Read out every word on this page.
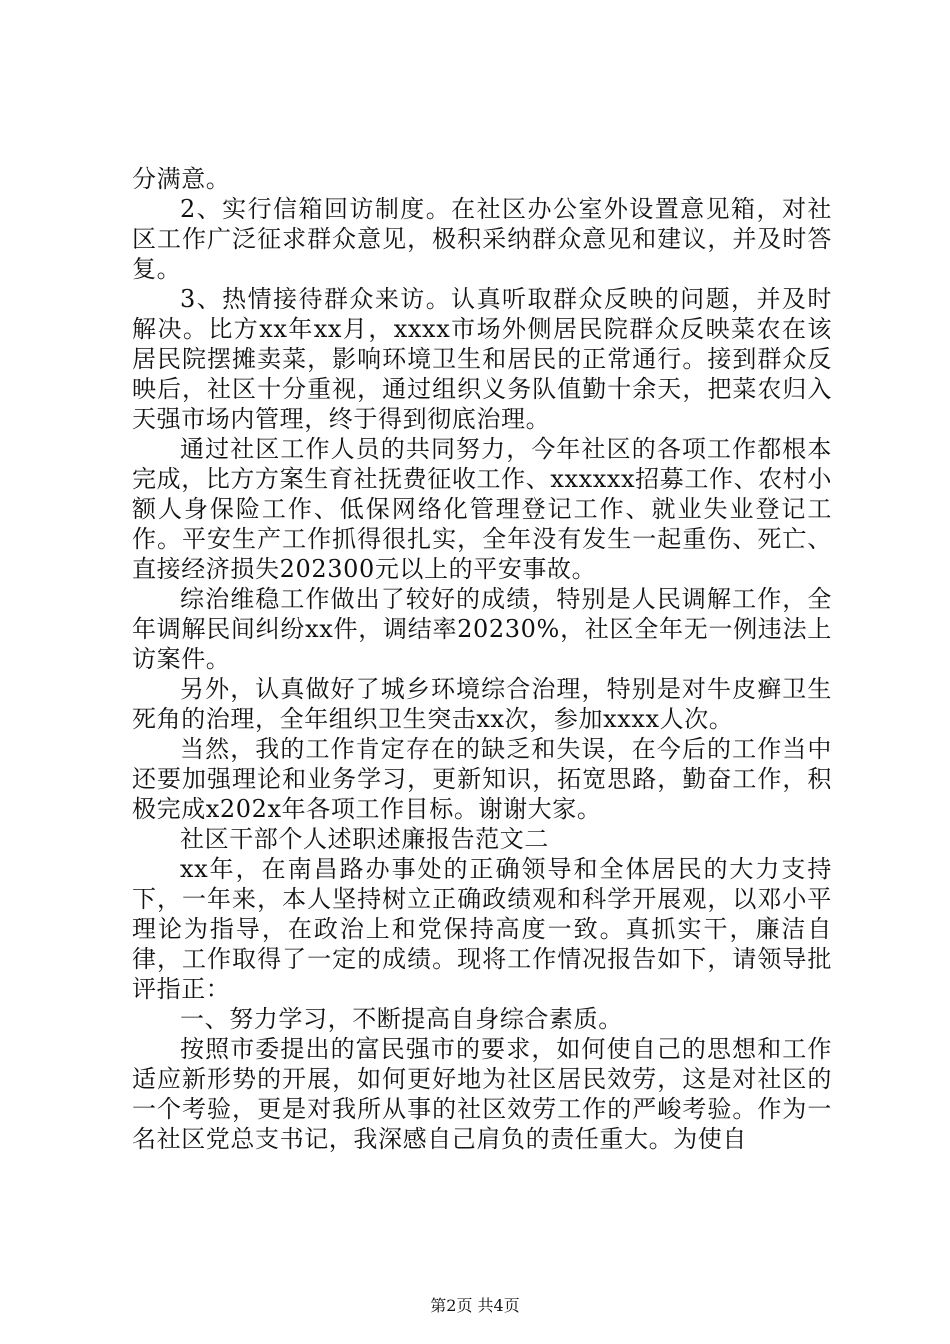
分满意。

2、实行信箱回访制度。在社区办公室外设置意见箱，对社区工作广泛征求群众意见，极积采纳群众意见和建议，并及时答复。

3、热情接待群众来访。认真听取群众反映的问题，并及时解决。比方xx年xx月，xxxx市场外侧居民院群众反映菜农在该居民院摆摊卖菜，影响环境卫生和居民的正常通行。接到群众反映后，社区十分重视，通过组织义务队值勤十余天，把菜农归入天强市场内管理，终于得到彻底治理。

通过社区工作人员的共同努力，今年社区的各项工作都根本完成，比方方案生育社抚费征收工作、xxxxxx招募工作、农村小额人身保险工作、低保网络化管理登记工作、就业失业登记工作。平安生产工作抓得很扎实，全年没有发生一起重伤、死亡、直接经济损失202300元以上的平安事故。

综治维稳工作做出了较好的成绩，特别是人民调解工作，全年调解民间纠纷xx件，调结率20230%，社区全年无一例违法上访案件。

另外，认真做好了城乡环境综合治理，特别是对牛皮癣卫生死角的治理，全年组织卫生突击xx次，参加xxxx人次。

当然，我的工作肯定存在的缺乏和失误，在今后的工作当中还要加强理论和业务学习，更新知识，拓宽思路，勤奋工作，积极完成x202x年各项工作目标。谢谢大家。

社区干部个人述职述廉报告范文二

xx年，在南昌路办事处的正确领导和全体居民的大力支持下，一年来，本人坚持树立正确政绩观和科学开展观，以邓小平理论为指导，在政治上和党保持高度一致。真抓实干，廉洁自律，工作取得了一定的成绩。现将工作情况报告如下，请领导批评指正：

一、努力学习，不断提高自身综合素质。

按照市委提出的富民强市的要求，如何使自己的思想和工作适应新形势的开展，如何更好地为社区居民效劳，这是对社区的一个考验，更是对我所从事的社区效劳工作的严峻考验。作为一名社区党总支书记，我深感自己肩负的责任重大。为使自

第2页 共4页
